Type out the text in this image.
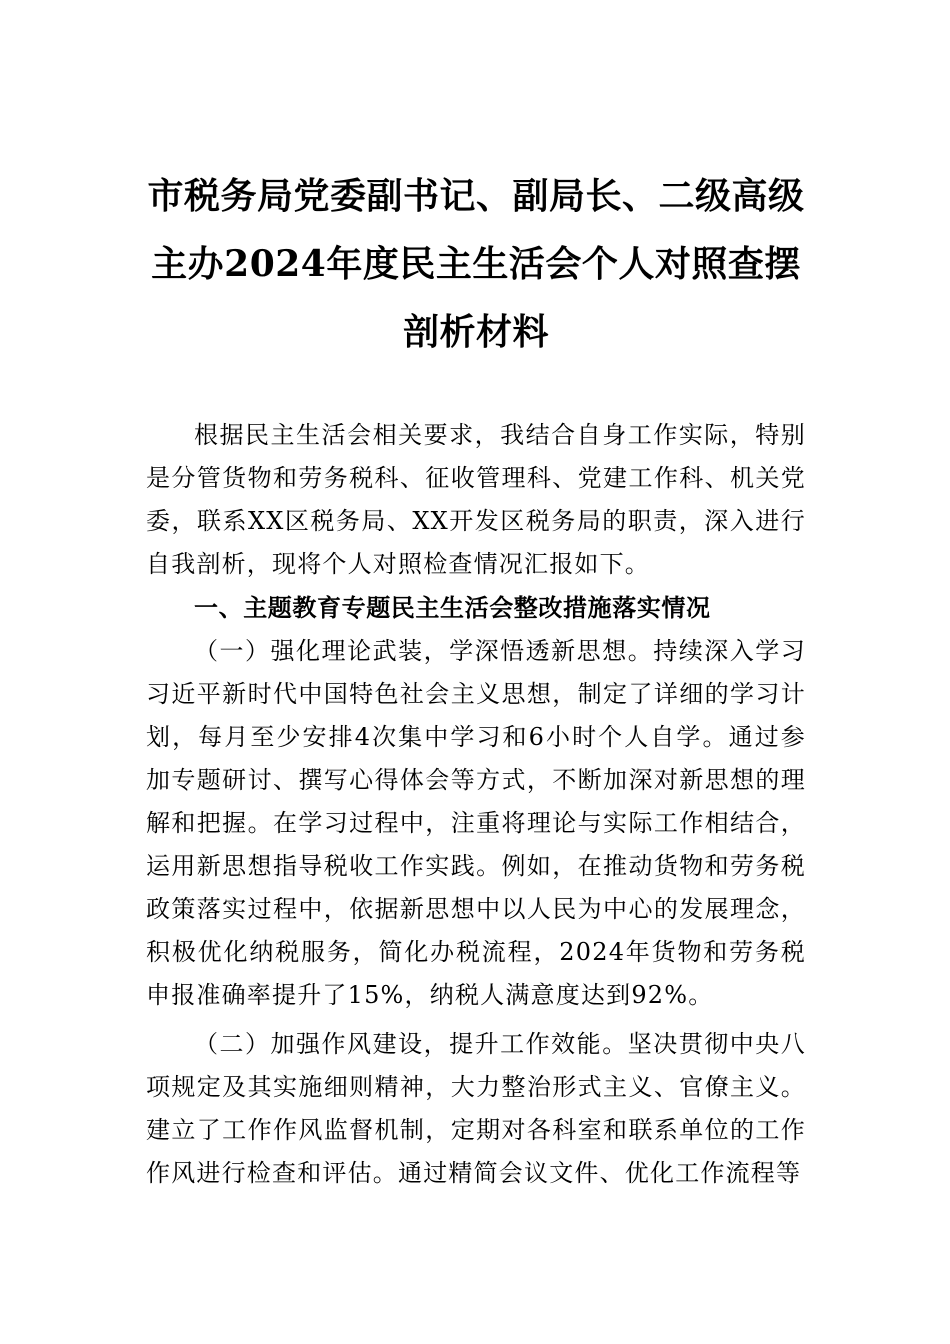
市税务局党委副书记、副局长、二级高级主办2024年度民主生活会个人对照查摆剖析材料

根据民主生活会相关要求，我结合自身工作实际，特别是分管货物和劳务税科、征收管理科、党建工作科、机关党委，联系XX区税务局、XX开发区税务局的职责，深入进行自我剖析，现将个人对照检查情况汇报如下。

一、主题教育专题民主生活会整改措施落实情况

（一）强化理论武装，学深悟透新思想。持续深入学习习近平新时代中国特色社会主义思想，制定了详细的学习计划，每月至少安排4次集中学习和6小时个人自学。通过参加专题研讨、撰写心得体会等方式，不断加深对新思想的理解和把握。在学习过程中，注重将理论与实际工作相结合，运用新思想指导税收工作实践。例如，在推动货物和劳务税政策落实过程中，依据新思想中以人民为中心的发展理念，积极优化纳税服务，简化办税流程，2024年货物和劳务税申报准确率提升了15%，纳税人满意度达到92%。

（二）加强作风建设，提升工作效能。坚决贯彻中央八项规定及其实施细则精神，大力整治形式主义、官僚主义。建立了工作作风监督机制，定期对各科室和联系单位的工作作风进行检查和评估。通过精简会议文件、优化工作流程等
